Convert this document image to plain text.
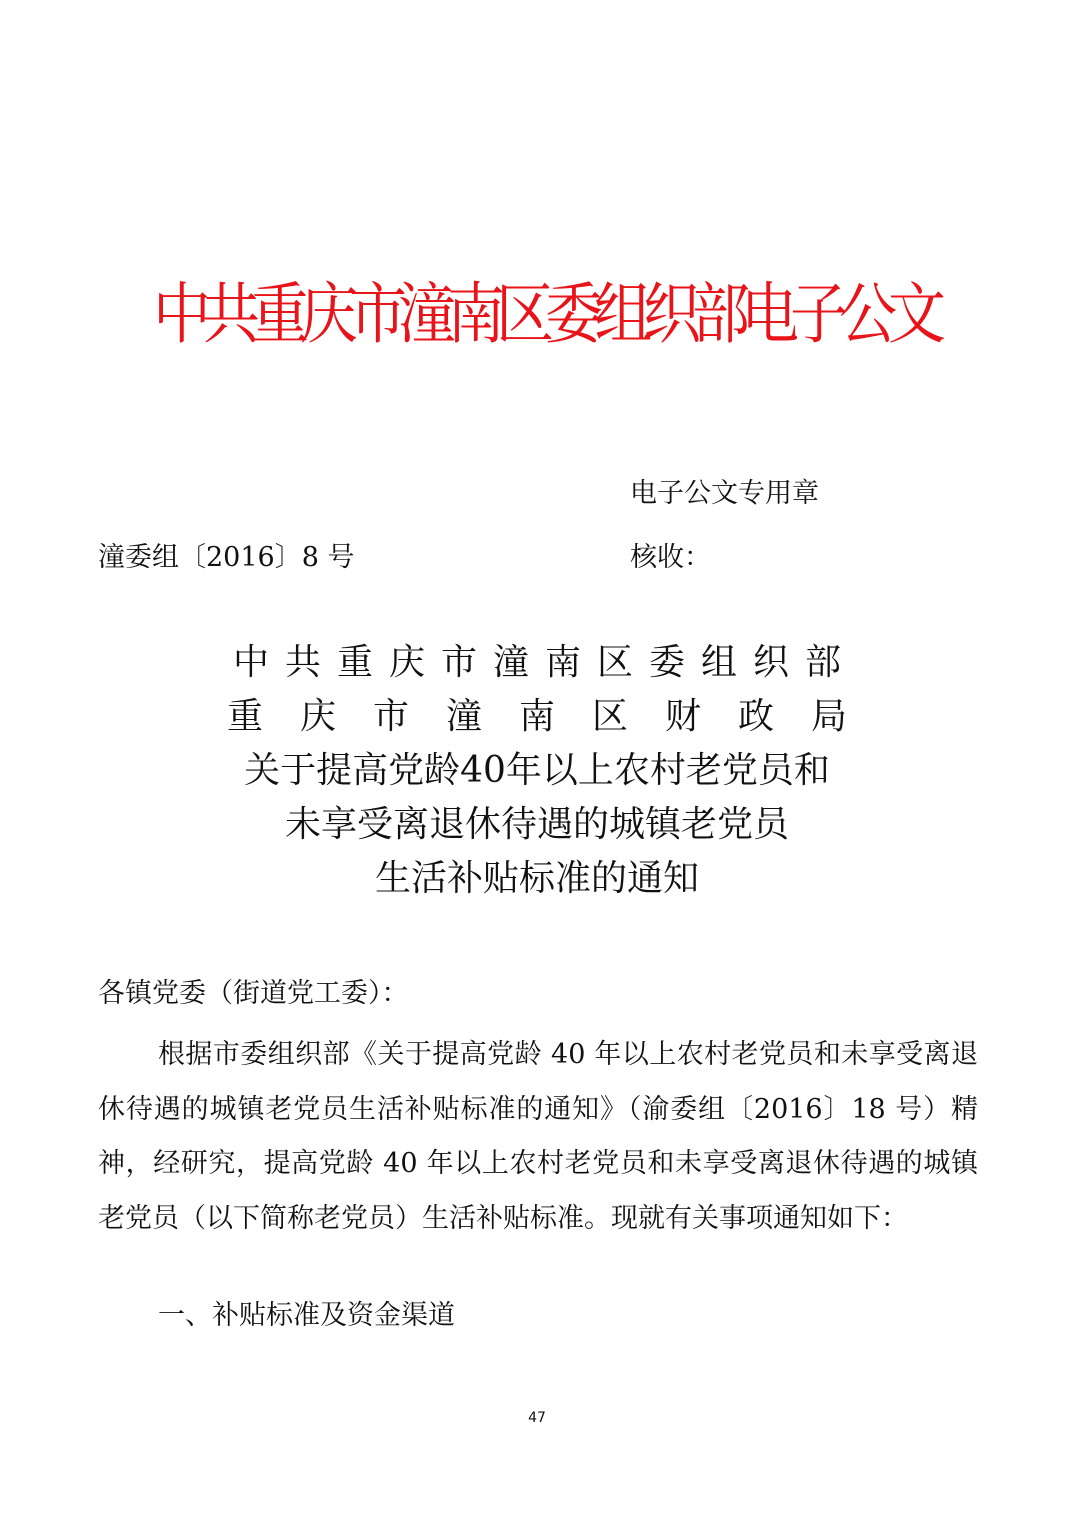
中共重庆市潼南区委组织部电子公文
电子公文专用章
潼委组〔2016〕8 号	核收：
中共重庆市潼南区委组织部
重庆市潼南区财政局
关于提高党龄40年以上农村老党员和
未享受离退休待遇的城镇老党员
生活补贴标准的通知
各镇党委（街道党工委）：

根据市委组织部《关于提高党龄 40 年以上农村老党员和未享受离退休待遇的城镇老党员生活补贴标准的通知》（渝委组〔2016〕18 号）精神，经研究，提高党龄 40 年以上农村老党员和未享受离退休待遇的城镇老党员（以下简称老党员）生活补贴标准。现就有关事项通知如下：

一、补贴标准及资金渠道
47
